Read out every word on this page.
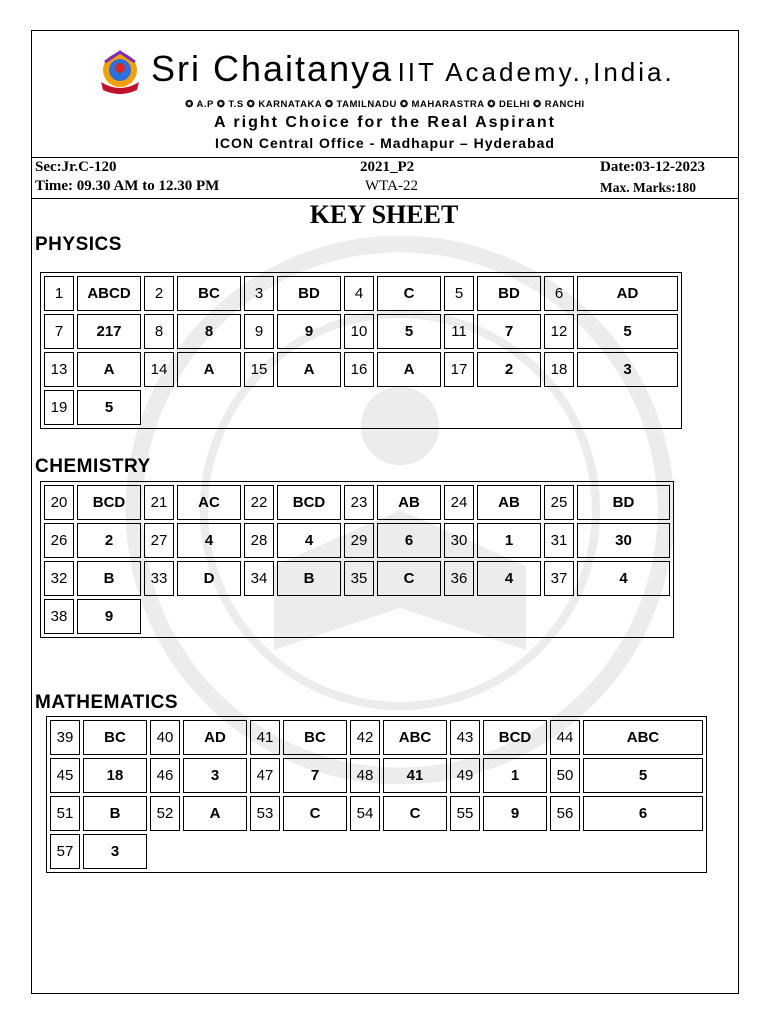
Sri Chaitanya IIT Academy.,India.
✪ A.P ✪ T.S ✪ KARNATAKA ✪ TAMILNADU ✪ MAHARASTRA ✪ DELHI ✪ RANCHI
A right Choice for the Real Aspirant
ICON Central Office - Madhapur – Hyderabad
Sec:Jr.C-120	2021_P2	Date:03-12-2023
Time: 09.30 AM to 12.30 PM	WTA-22	Max. Marks:180
KEY SHEET
PHYSICS
1	ABCD	2	BC	3	BD	4	C	5	BD	6	AD
7	217	8	8	9	9	10	5	11	7	12	5
13	A	14	A	15	A	16	A	17	2	18	3
19	5										
CHEMISTRY
20	BCD	21	AC	22	BCD	23	AB	24	AB	25	BD
26	2	27	4	28	4	29	6	30	1	31	30
32	B	33	D	34	B	35	C	36	4	37	4
38	9										
MATHEMATICS
39	BC	40	AD	41	BC	42	ABC	43	BCD	44	ABC
45	18	46	3	47	7	48	41	49	1	50	5
51	B	52	A	53	C	54	C	55	9	56	6
57	3										
